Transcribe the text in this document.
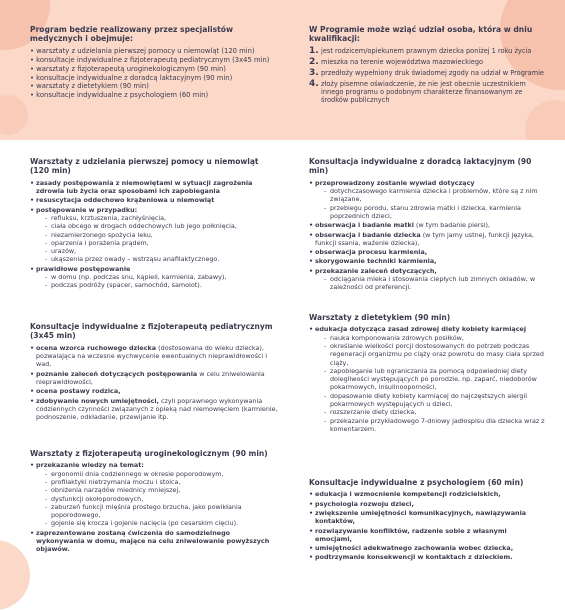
Program będzie realizowany przez specjalistów medycznych i obejmuje:
• warsztaty z udzielania pierwszej pomocy u niemowląt (120 min)
• konsultacje indywidualne z fizjoterapeutą pediatrycznym (3x45 min)
• warsztaty z fizjoterapeutą uroginekologicznym (90 min)
• konsultacje indywidualne z doradcą laktacyjnym (90 min)
• warsztaty z dietetykiem (90 min)
• konsultacje indywidualne z psychologiem (60 min)
W Programie może wziąć udział osoba, która w dniu kwalifikacji:
1. jest rodzicem/opiekunem prawnym dziecka poniżej 1 roku życia
2. mieszka na terenie województwa mazowieckiego
3. przedłoży wypełniony druk świadomej zgody na udział w Programie
4. złoży pisemne oświadczenie, że nie jest obecnie uczestnikiem innego programu o podobnym charakterze finansowanym ze środków publicznych
Warsztaty z udzielania pierwszej pomocy u niemowląt (120 min)
• zasady postępowania z niemowlętami w sytuacji zagrożenia zdrowia lub życia oraz sposobami ich zapobiegania
• resuscytacja oddechowo krążeniowa u niemowląt
• postępowanie w przypadku:
- refluksu, krztuszenia, zachłyśnięcia,
- ciała obcego w drogach oddechowych lub jego połknięcia,
- niezamierzonego spożycia leku,
- oparzenia i porażenia prądem,
- urazów,
- ukąszenia przez owady – wstrząsu anafilaktycznego.
• prawidłowe postępowanie
- w domu (np. podczas snu, kąpieli, karmienia, zabawy),
- podczas podróży (spacer, samochód, samolot).
Konsultacje indywidualne z fizjoterapeutą pediatrycznym (3x45 min)
• ocena wzorca ruchowego dziecka (dostosowana do wieku dziecka), pozwalająca na wczesne wychwycenie ewentualnych nieprawidłowości i wad,
• poznanie zaleceń dotyczących postępowania w celu zniwelowania nieprawidłowości,
• ocena postawy rodzica,
• zdobywanie nowych umiejętności, czyli poprawnego wykonywania codziennych czynności związanych z opieką nad niemowlęciem (karmienie, podnoszenie, odkładanie, przewijanie itp.
Warsztaty z fizjoterapeutą uroginekologicznym (90 min)
• przekazanie wiedzy na temat:
- ergonomii dnia codziennego w okresie poporodowym,
- profilaktyki nietrzymania moczu i stolca,
- obniżenia narządów miednicy mniejszej,
- dysfunkcji okołoporodowych,
- zaburzeń funkcji mięśnia prostego brzucha, jako powikłania poporodowego,
- gojenie się krocza i gojenie nacięcia (po cesarskim cięciu).
• zaprezentowane zostaną ćwiczenia do samodzielnego wykonywania w domu, mające na celu zniwelowanie powyższych objawów.
Konsultacja indywidualne z doradcą laktacyjnym (90 min)
• przeprowadzony zostanie wywiad dotyczący
- dotychczasowego karmienia dziecka i problemów, które są z nim związane,
- przebiegu porodu, stanu zdrowia matki i dziecka, karmienia poprzednich dzieci,
• obserwacja i badanie matki (w tym badanie piersi),
• obserwacja i badanie dziecka (w tym jamy ustnej, funkcji języka, funkcji ssania, ważenie dziecka),
• obserwacja procesu karmienia,
• skorygowanie techniki karmienia,
• przekazanie zaleceń dotyczących,
- odciągania mleka i stosowania ciepłych lub zimnych okładów, w zależności od preferencji.
Warsztaty z dietetykiem (90 min)
• edukacja dotycząca zasad zdrowej diety kobiety karmiącej
- nauka komponowania zdrowych posiłków,
- określanie wielkości porcji dostosowanych do potrzeb podczas regeneracji organizmu po ciąży oraz powrotu do masy ciała sprzed ciąży,
- zapobieganie lub ograniczania za pomocą odpowiedniej diety dolegliwości występujących po porodzie, np. zaparć, niedoborów pokarmowych, insulinooporności,
- dopasowanie diety kobiety karmiącej do najczęstszych alergii pokarmowych występujących u dzieci,
- rozszerzanie diety dziecka,
- przekazanie przykładowego 7-dniowy jadłospisu dla dziecka wraz z komentarzem.
Konsultacje indywidualne z psychologiem (60 min)
• edukacja i wzmocnienie kompetencji rodzicielskich,
• psychologia rozwoju dzieci,
• zwiększenie umiejętności komunikacyjnych, nawiązywania kontaktów,
• rozwiązywanie konfliktów, radzenie sobie z własnymi emocjami,
• umiejętności adekwatnego zachowania wobec dziecka,
• podtrzymanie konsekwencji w kontaktach z dzieckiem.
